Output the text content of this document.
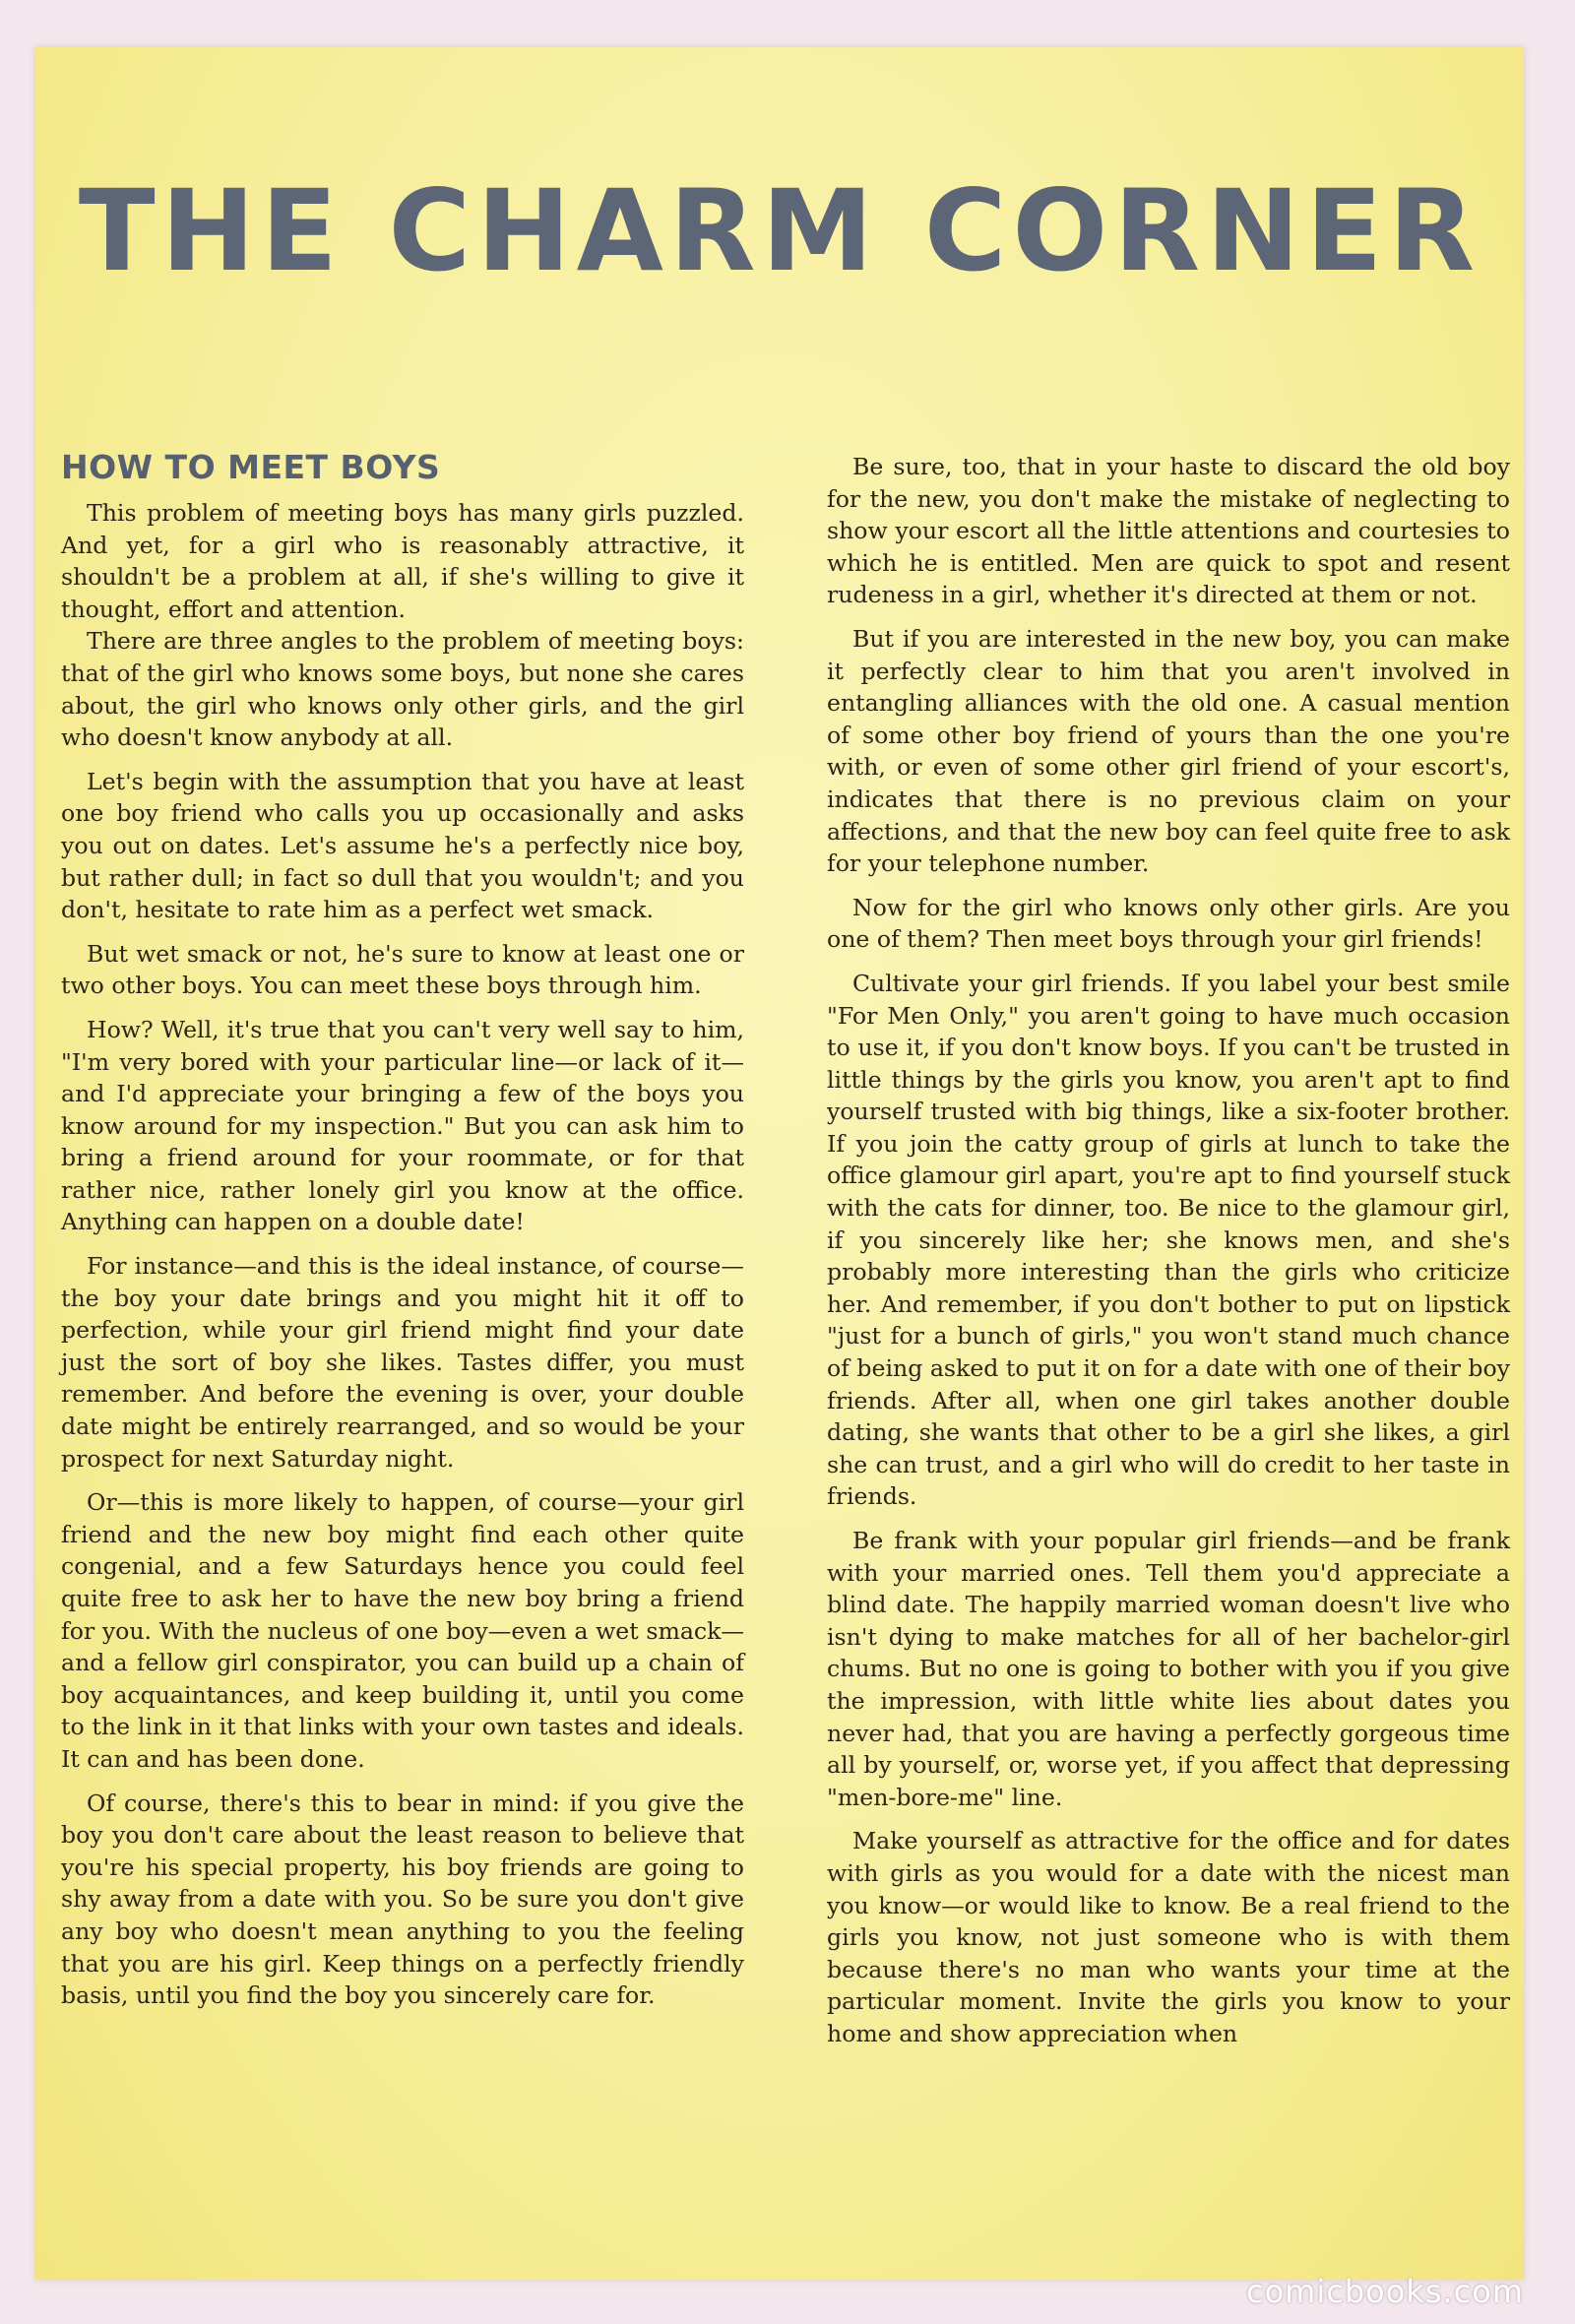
THE CHARM CORNER
HOW TO MEET BOYS

This problem of meeting boys has many girls puzzled. And yet, for a girl who is reasonably attractive, it shouldn't be a problem at all, if she's willing to give it thought, effort and attention.

There are three angles to the problem of meeting boys: that of the girl who knows some boys, but none she cares about, the girl who knows only other girls, and the girl who doesn't know anybody at all.

Let's begin with the assumption that you have at least one boy friend who calls you up occasionally and asks you out on dates. Let's assume he's a perfectly nice boy, but rather dull; in fact so dull that you wouldn't; and you don't, hesitate to rate him as a perfect wet smack.

But wet smack or not, he's sure to know at least one or two other boys. You can meet these boys through him.

How? Well, it's true that you can't very well say to him, "I'm very bored with your particular line—or lack of it—and I'd appreciate your bringing a few of the boys you know around for my inspection." But you can ask him to bring a friend around for your roommate, or for that rather nice, rather lonely girl you know at the office. Anything can happen on a double date!

For instance—and this is the ideal instance, of course—the boy your date brings and you might hit it off to perfection, while your girl friend might find your date just the sort of boy she likes. Tastes differ, you must remember. And before the evening is over, your double date might be entirely rearranged, and so would be your prospect for next Saturday night.

Or—this is more likely to happen, of course—your girl friend and the new boy might find each other quite congenial, and a few Saturdays hence you could feel quite free to ask her to have the new boy bring a friend for you. With the nucleus of one boy—even a wet smack—and a fellow girl conspirator, you can build up a chain of boy acquaintances, and keep building it, until you come to the link in it that links with your own tastes and ideals. It can and has been done.

Of course, there's this to bear in mind: if you give the boy you don't care about the least reason to believe that you're his special property, his boy friends are going to shy away from a date with you. So be sure you don't give any boy who doesn't mean anything to you the feeling that you are his girl. Keep things on a perfectly friendly basis, until you find the boy you sincerely care for.

Be sure, too, that in your haste to discard the old boy for the new, you don't make the mistake of neglecting to show your escort all the little attentions and courtesies to which he is entitled. Men are quick to spot and resent rudeness in a girl, whether it's directed at them or not.

But if you are interested in the new boy, you can make it perfectly clear to him that you aren't involved in entangling alliances with the old one. A casual mention of some other boy friend of yours than the one you're with, or even of some other girl friend of your escort's, indicates that there is no previous claim on your affections, and that the new boy can feel quite free to ask for your telephone number.

Now for the girl who knows only other girls. Are you one of them? Then meet boys through your girl friends!

Cultivate your girl friends. If you label your best smile "For Men Only," you aren't going to have much occasion to use it, if you don't know boys. If you can't be trusted in little things by the girls you know, you aren't apt to find yourself trusted with big things, like a six-footer brother. If you join the catty group of girls at lunch to take the office glamour girl apart, you're apt to find yourself stuck with the cats for dinner, too. Be nice to the glamour girl, if you sincerely like her; she knows men, and she's probably more interesting than the girls who criticize her. And remember, if you don't bother to put on lipstick "just for a bunch of girls," you won't stand much chance of being asked to put it on for a date with one of their boy friends. After all, when one girl takes another double dating, she wants that other to be a girl she likes, a girl she can trust, and a girl who will do credit to her taste in friends.

Be frank with your popular girl friends—and be frank with your married ones. Tell them you'd appreciate a blind date. The happily married woman doesn't live who isn't dying to make matches for all of her bachelor-girl chums. But no one is going to bother with you if you give the impression, with little white lies about dates you never had, that you are having a perfectly gorgeous time all by yourself, or, worse yet, if you affect that depressing "men-bore-me" line.

Make yourself as attractive for the office and for dates with girls as you would for a date with the nicest man you know—or would like to know. Be a real friend to the girls you know, not just someone who is with them because there's no man who wants your time at the particular moment. Invite the girls you know to your home and show appreciation when

comicbooks.com
